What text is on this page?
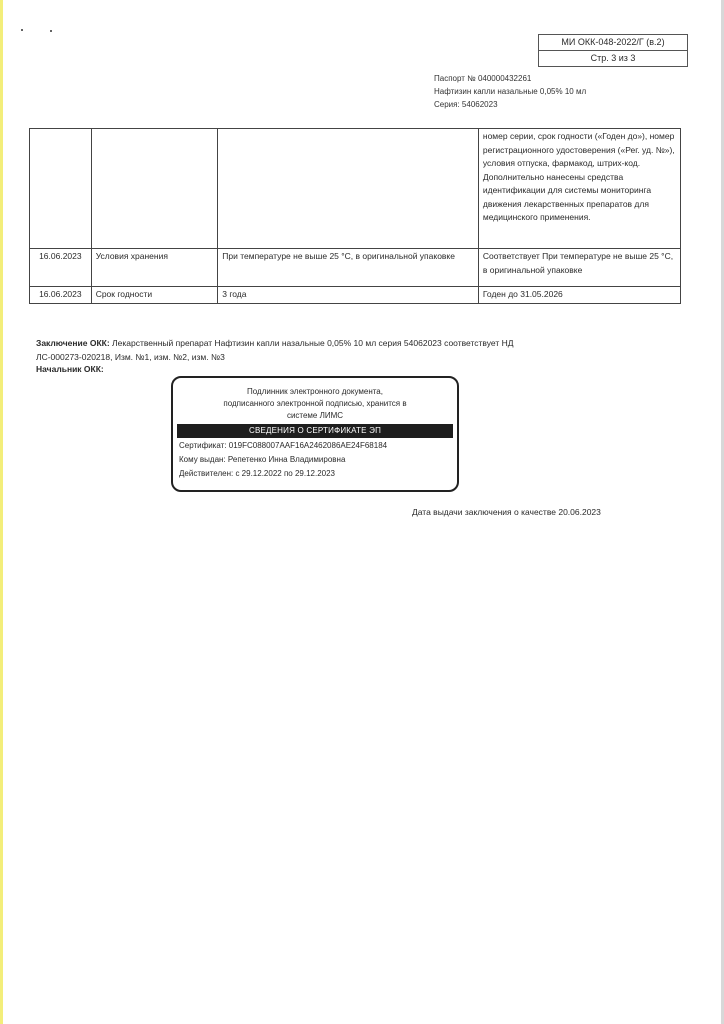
МИ ОКК-048-2022/Г (в.2)
Стр. 3 из 3
Паспорт № 040000432261
Нафтизин капли назальные 0,05% 10 мл
Серия: 54062023
			номер серии, срок годности («Годен до»), номер регистрационного удостоверения («Рег. уд. №»), условия отпуска, фармакод, штрих-код. Дополнительно нанесены средства идентификации для системы мониторинга движения лекарственных препаратов для медицинского применения.
16.06.2023	Условия хранения	При температуре не выше 25 °С, в оригинальной упаковке	Соответствует При температуре не выше 25 °С, в оригинальной упаковке
16.06.2023	Срок годности	3 года	Годен до 31.05.2026
Заключение ОКК: Лекарственный препарат Нафтизин капли назальные 0,05% 10 мл серия 54062023 соответствует НД ЛС-000273-020218, Изм. №1, изм. №2, изм. №3
Начальник ОКК:
Подлинник электронного документа,
подписанного электронной подписью, хранится в
системе ЛИМС
СВЕДЕНИЯ О СЕРТИФИКАТЕ ЭП
Сертификат: 019FC088007AAF16A2462086AE24F68184
Кому выдан: Репетенко Инна Владимировна
Действителен: с 29.12.2022 по 29.12.2023
Дата выдачи заключения о качестве 20.06.2023
